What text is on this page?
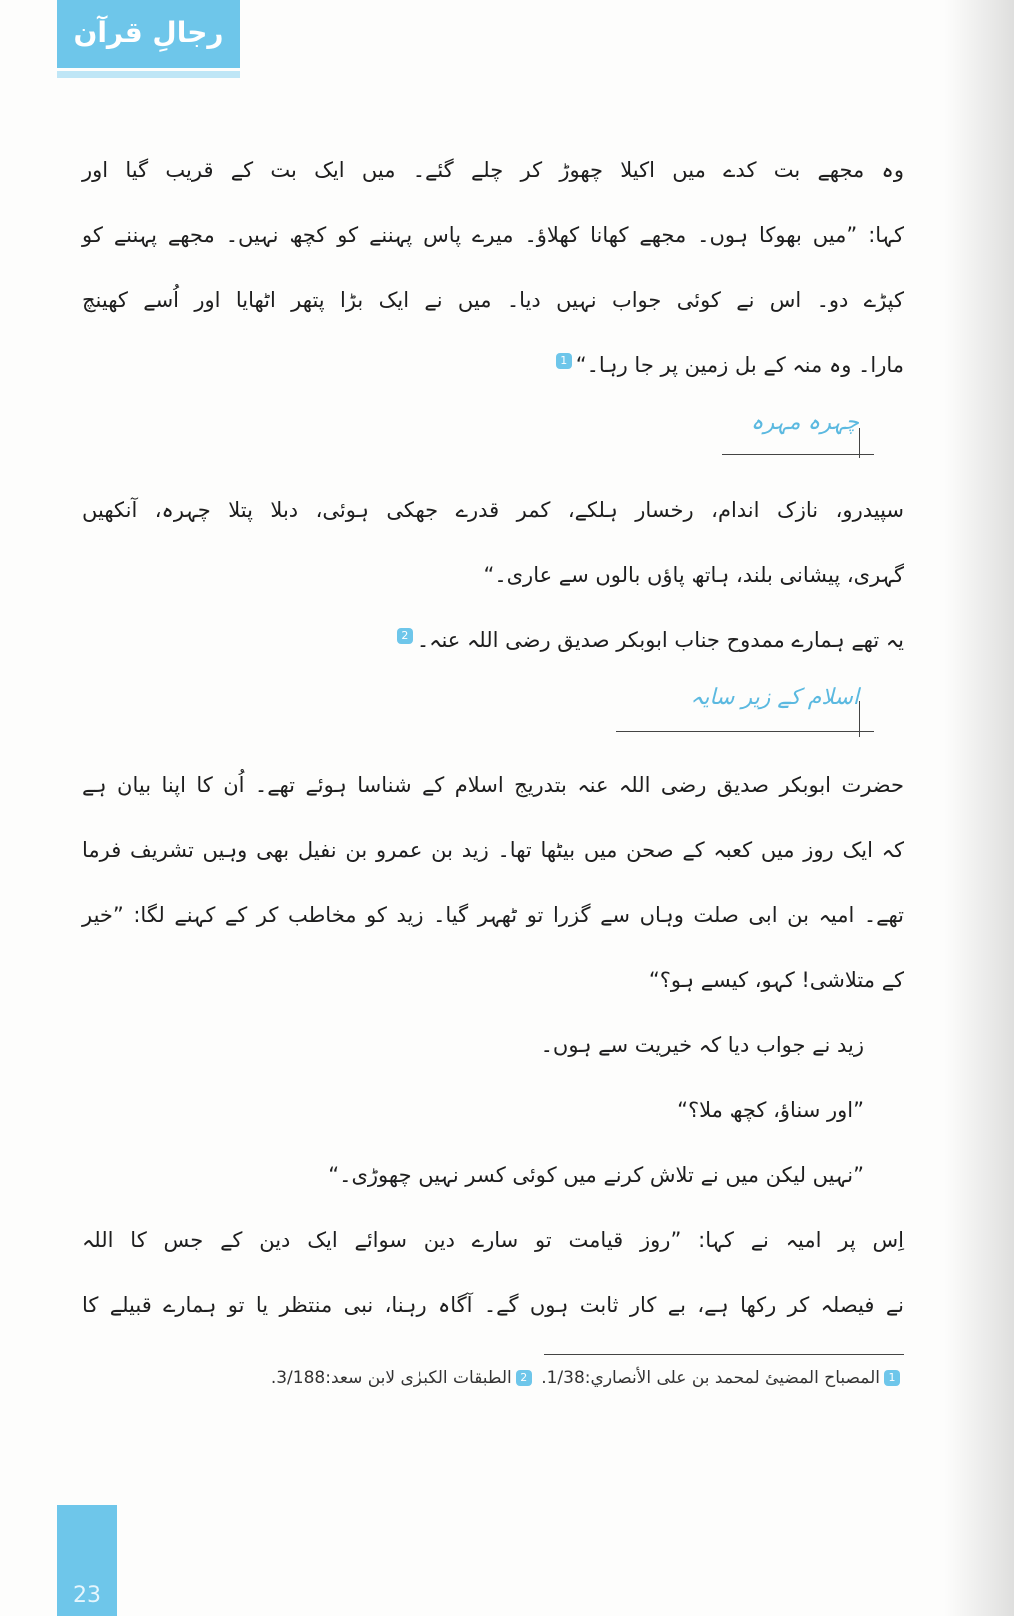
رجالِ قرآن
وہ مجھے بت کدے میں اکیلا چھوڑ کر چلے گئے۔ میں ایک بت کے قریب گیا اور
کہا: ”میں بھوکا ہوں۔ مجھے کھانا کھلاؤ۔ میرے پاس پہننے کو کچھ نہیں۔ مجھے پہننے کو
کپڑے دو۔ اس نے کوئی جواب نہیں دیا۔ میں نے ایک بڑا پتھر اٹھایا اور اُسے کھینچ
مارا۔ وہ منہ کے بل زمین پر جا رہا۔“1
چہرہ مہرہ
سپیدرو، نازک اندام، رخسار ہلکے، کمر قدرے جھکی ہوئی، دبلا پتلا چہرہ، آنکھیں
گہری، پیشانی بلند، ہاتھ پاؤں بالوں سے عاری۔“
یہ تھے ہمارے ممدوح جناب ابوبکر صدیق رضی اللہ عنہ۔2
اسلام کے زیر سایہ
حضرت ابوبکر صدیق رضی اللہ عنہ بتدریج اسلام کے شناسا ہوئے تھے۔ اُن کا اپنا بیان ہے
کہ ایک روز میں کعبہ کے صحن میں بیٹھا تھا۔ زید بن عمرو بن نفیل بھی وہیں تشریف فرما
تھے۔ امیہ بن ابی صلت وہاں سے گزرا تو ٹھہر گیا۔ زید کو مخاطب کر کے کہنے لگا: ”خیر
کے متلاشی! کہو، کیسے ہو؟“
زید نے جواب دیا کہ خیریت سے ہوں۔
”اور سناؤ، کچھ ملا؟“
”نہیں لیکن میں نے تلاش کرنے میں کوئی کسر نہیں چھوڑی۔“
اِس پر امیہ نے کہا: ”روز قیامت تو سارے دین سوائے ایک دین کے جس کا اللہ
نے فیصلہ کر رکھا ہے، بے کار ثابت ہوں گے۔ آگاہ رہنا، نبی منتظر یا تو ہمارے قبیلے کا
1المصباح المضيئ لمحمد بن علی الأنصاري:1/38. 2الطبقات الکبرٰی لابن سعد:3/188.
23
